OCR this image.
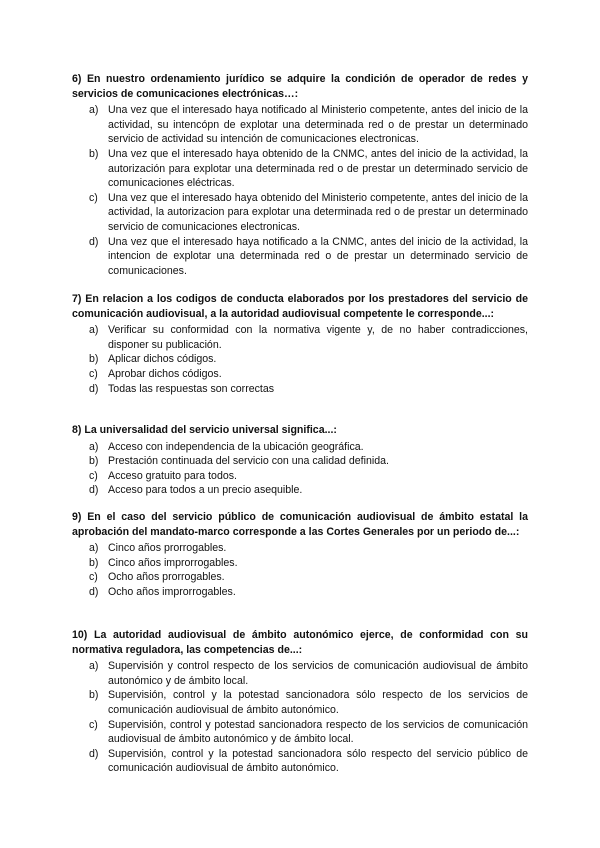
6) En nuestro ordenamiento jurídico se adquire la condición de operador de redes y servicios de comunicaciones electrónicas…:

a) Una vez que el interesado haya notificado al Ministerio competente, antes del inicio de la actividad, su intencópn de explotar una determinada red o de prestar un determinado servicio de actividad su intención de comunicaciones electronicas.
b) Una vez que el interesado haya obtenido de la CNMC, antes del inicio de la actividad, la autorización para explotar una determinada red o de prestar un determinado servicio de comunicaciones eléctricas.
c) Una vez que el interesado haya obtenido del Ministerio competente, antes del inicio de la actividad, la autorizacion para explotar una determinada red o de prestar un determinado servicio de comunicaciones electronicas.
d) Una vez que el interesado haya notificado a la CNMC, antes del inicio de la actividad, la intencion de explotar una determinada red o de prestar un determinado servicio de comunicaciones.

7) En relacion a los codigos de conducta elaborados por los prestadores del servicio de comunicación audiovisual, a la autoridad audiovisual competente le corresponde...:

a) Verificar su conformidad con la normativa vigente y, de no haber contradicciones, disponer su publicación.
b) Aplicar dichos códigos.
c) Aprobar dichos códigos.
d) Todas las respuestas son correctas

8) La universalidad del servicio universal significa...:

a) Acceso con independencia de la ubicación geográfica.
b) Prestación continuada del servicio con una calidad definida.
c) Acceso gratuito para todos.
d) Acceso para todos a un precio asequible.

9) En el caso del servicio público de comunicación audiovisual de ámbito estatal la aprobación del mandato-marco corresponde a las Cortes Generales por un periodo de...:

a) Cinco años prorrogables.
b) Cinco años improrrogables.
c) Ocho años prorrogables.
d) Ocho años improrrogables.

10) La autoridad audiovisual de ámbito autonómico ejerce, de conformidad con su normativa reguladora, las competencias de...:

a) Supervisión y control respecto de los servicios de comunicación audiovisual de ámbito autonómico y de ámbito local.
b) Supervisión, control y la potestad sancionadora sólo respecto de los servicios de comunicación audiovisual de ámbito autonómico.
c) Supervisión, control y potestad sancionadora respecto de los servicios de comunicación audiovisual de ámbito autonómico y de ámbito local.
d) Supervisión, control y la potestad sancionadora sólo respecto del servicio público de comunicación audiovisual de ámbito autonómico.
